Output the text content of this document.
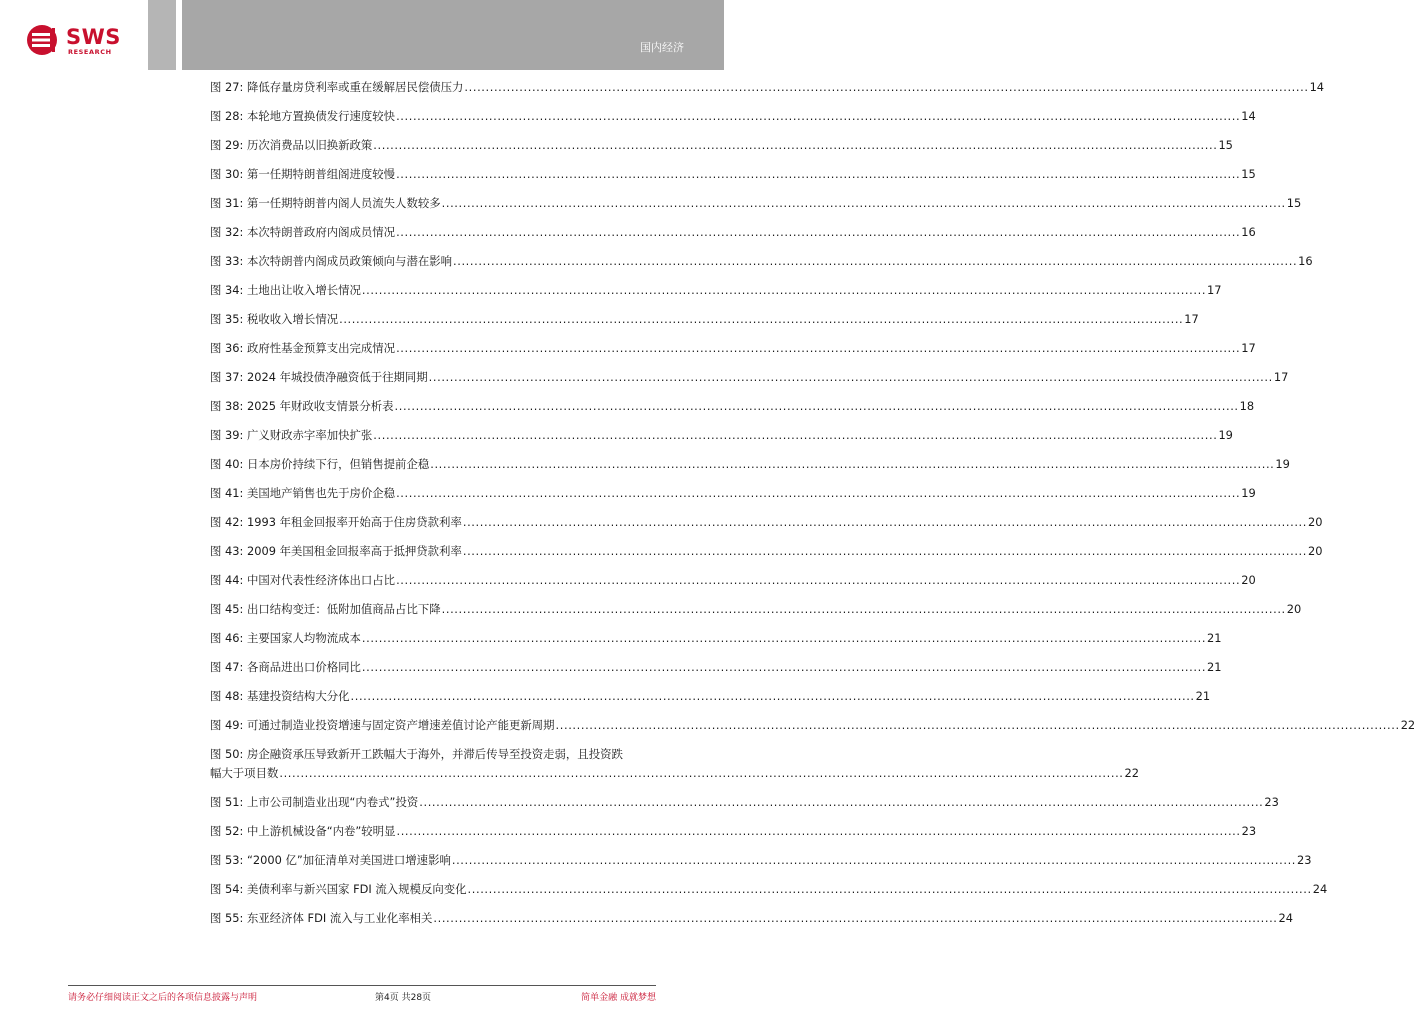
SWS
RESEARCH	国内经济
图 27: 降低存量房贷利率或重在缓解居民偿债压力 ........................................................................................................................................................................................................ 14
图 28: 本轮地方置换债发行速度较快 ........................................................................................................................................................................................................ 14
图 29: 历次消费品以旧换新政策 ........................................................................................................................................................................................................ 15
图 30: 第一任期特朗普组阁进度较慢 ........................................................................................................................................................................................................ 15
图 31: 第一任期特朗普内阁人员流失人数较多 ........................................................................................................................................................................................................ 15
图 32: 本次特朗普政府内阁成员情况 ........................................................................................................................................................................................................ 16
图 33: 本次特朗普内阁成员政策倾向与潜在影响 ........................................................................................................................................................................................................ 16
图 34: 土地出让收入增长情况 ........................................................................................................................................................................................................ 17
图 35: 税收收入增长情况 ........................................................................................................................................................................................................ 17
图 36: 政府性基金预算支出完成情况 ........................................................................................................................................................................................................ 17
图 37: 2024 年城投债净融资低于往期同期 ........................................................................................................................................................................................................ 17
图 38: 2025 年财政收支情景分析表 ........................................................................................................................................................................................................ 18
图 39: 广义财政赤字率加快扩张 ........................................................................................................................................................................................................ 19
图 40: 日本房价持续下行，但销售提前企稳 ........................................................................................................................................................................................................ 19
图 41: 美国地产销售也先于房价企稳 ........................................................................................................................................................................................................ 19
图 42: 1993 年租金回报率开始高于住房贷款利率 ........................................................................................................................................................................................................ 20
图 43: 2009 年美国租金回报率高于抵押贷款利率 ........................................................................................................................................................................................................ 20
图 44: 中国对代表性经济体出口占比 ........................................................................................................................................................................................................ 20
图 45: 出口结构变迁：低附加值商品占比下降 ........................................................................................................................................................................................................ 20
图 46: 主要国家人均物流成本 ........................................................................................................................................................................................................ 21
图 47: 各商品进出口价格同比 ........................................................................................................................................................................................................ 21
图 48: 基建投资结构大分化 ........................................................................................................................................................................................................ 21
图 49: 可通过制造业投资增速与固定资产增速差值讨论产能更新周期 ........................................................................................................................................................................................................ 22
图 50: 房企融资承压导致新开工跌幅大于海外，并滞后传导至投资走弱，且投资跌
幅大于项目数 ........................................................................................................................................................................................................ 22
图 51: 上市公司制造业出现“内卷式”投资 ........................................................................................................................................................................................................ 23
图 52: 中上游机械设备“内卷”较明显 ........................................................................................................................................................................................................ 23
图 53: “2000 亿”加征清单对美国进口增速影响 ........................................................................................................................................................................................................ 23
图 54: 美债利率与新兴国家 FDI 流入规模反向变化 ........................................................................................................................................................................................................ 24
图 55: 东亚经济体 FDI 流入与工业化率相关 ........................................................................................................................................................................................................ 24
请务必仔细阅读正文之后的各项信息披露与声明	第4页 共28页	简单金融 成就梦想
